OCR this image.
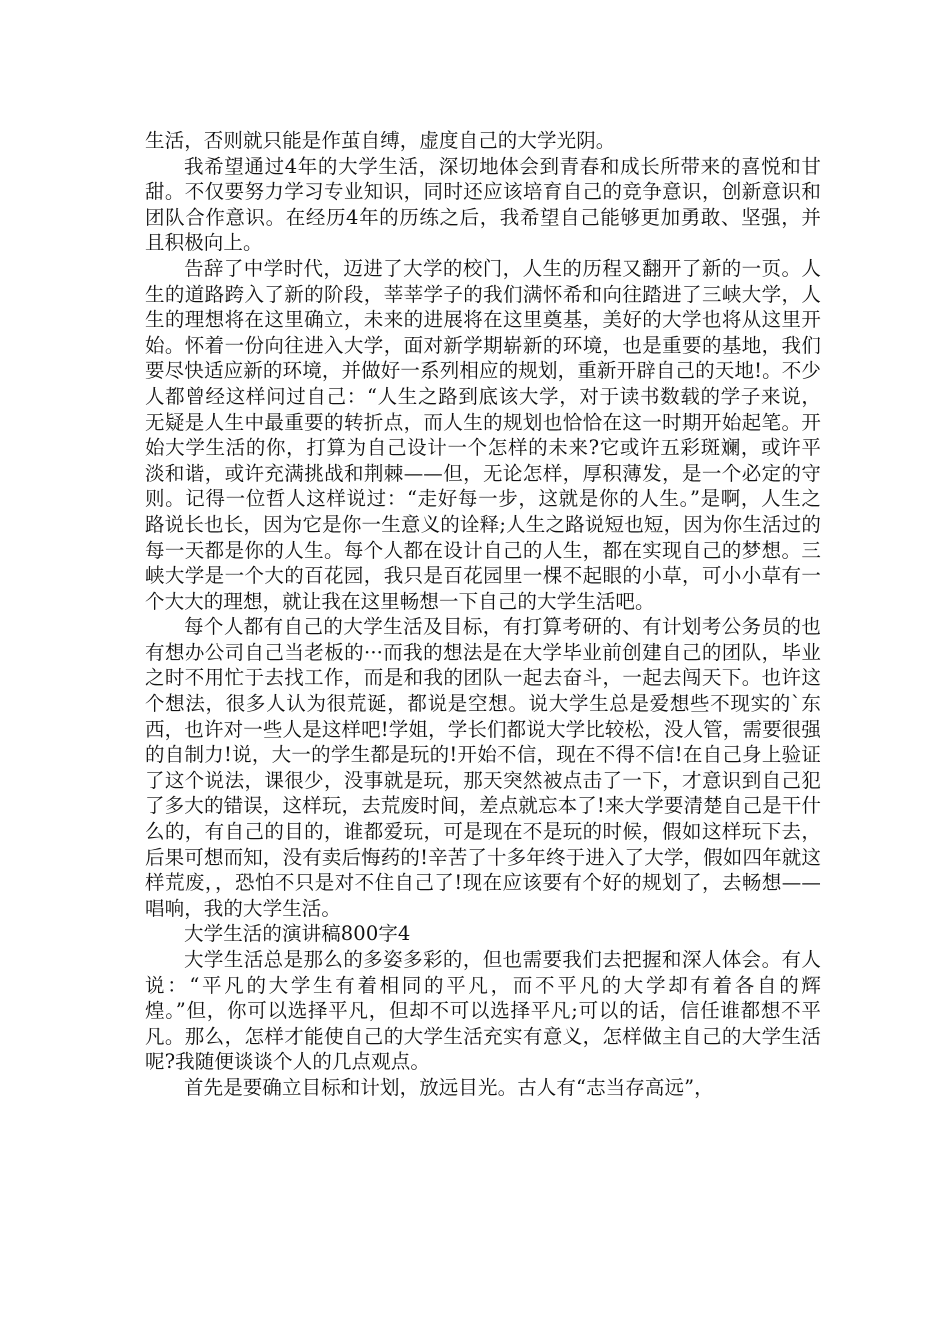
生活，否则就只能是作茧自缚，虚度自己的大学光阴。

我希望通过4年的大学生活，深切地体会到青春和成长所带来的喜悦和甘甜。不仅要努力学习专业知识，同时还应该培育自己的竞争意识，创新意识和团队合作意识。在经历4年的历练之后，我希望自己能够更加勇敢、坚强，并且积极向上。

告辞了中学时代，迈进了大学的校门，人生的历程又翻开了新的一页。人生的道路跨入了新的阶段，莘莘学子的我们满怀希和向往踏进了三峡大学，人生的理想将在这里确立，未来的进展将在这里奠基，美好的大学也将从这里开始。怀着一份向往进入大学，面对新学期崭新的环境，也是重要的基地，我们要尽快适应新的环境，并做好一系列相应的规划，重新开辟自己的天地!。不少人都曾经这样问过自己：“人生之路到底该大学，对于读书数载的学子来说，无疑是人生中最重要的转折点，而人生的规划也恰恰在这一时期开始起笔。开始大学生活的你，打算为自己设计一个怎样的未来?它或许五彩斑斓，或许平淡和谐，或许充满挑战和荆棘——但，无论怎样，厚积薄发，是一个必定的守则。记得一位哲人这样说过：“走好每一步，这就是你的人生。”是啊，人生之路说长也长，因为它是你一生意义的诠释;人生之路说短也短，因为你生活过的每一天都是你的人生。每个人都在设计自己的人生，都在实现自己的梦想。三峡大学是一个大的百花园，我只是百花园里一棵不起眼的小草，可小小草有一个大大的理想，就让我在这里畅想一下自己的大学生活吧。

每个人都有自己的大学生活及目标，有打算考研的、有计划考公务员的也有想办公司自己当老板的···而我的想法是在大学毕业前创建自己的团队，毕业之时不用忙于去找工作，而是和我的团队一起去奋斗，一起去闯天下。也许这个想法，很多人认为很荒诞，都说是空想。说大学生总是爱想些不现实的`东西，也许对一些人是这样吧!学姐，学长们都说大学比较松，没人管，需要很强的自制力!说，大一的学生都是玩的!开始不信，现在不得不信!在自己身上验证了这个说法，课很少，没事就是玩，那天突然被点击了一下，才意识到自己犯了多大的错误，这样玩，去荒废时间，差点就忘本了!来大学要清楚自己是干什么的，有自己的目的，谁都爱玩，可是现在不是玩的时候，假如这样玩下去，后果可想而知，没有卖后悔药的!辛苦了十多年终于进入了大学，假如四年就这样荒废，，恐怕不只是对不住自己了!现在应该要有个好的规划了，去畅想——唱响，我的大学生活。

大学生活的演讲稿800字4

大学生活总是那么的多姿多彩的，但也需要我们去把握和深人体会。有人说：“平凡的大学生有着相同的平凡，而不平凡的大学却有着各自的辉煌。”但，你可以选择平凡，但却不可以选择平凡;可以的话，信任谁都想不平凡。那么，怎样才能使自己的大学生活充实有意义，怎样做主自己的大学生活呢?我随便谈谈个人的几点观点。

首先是要确立目标和计划，放远目光。古人有“志当存高远”，
